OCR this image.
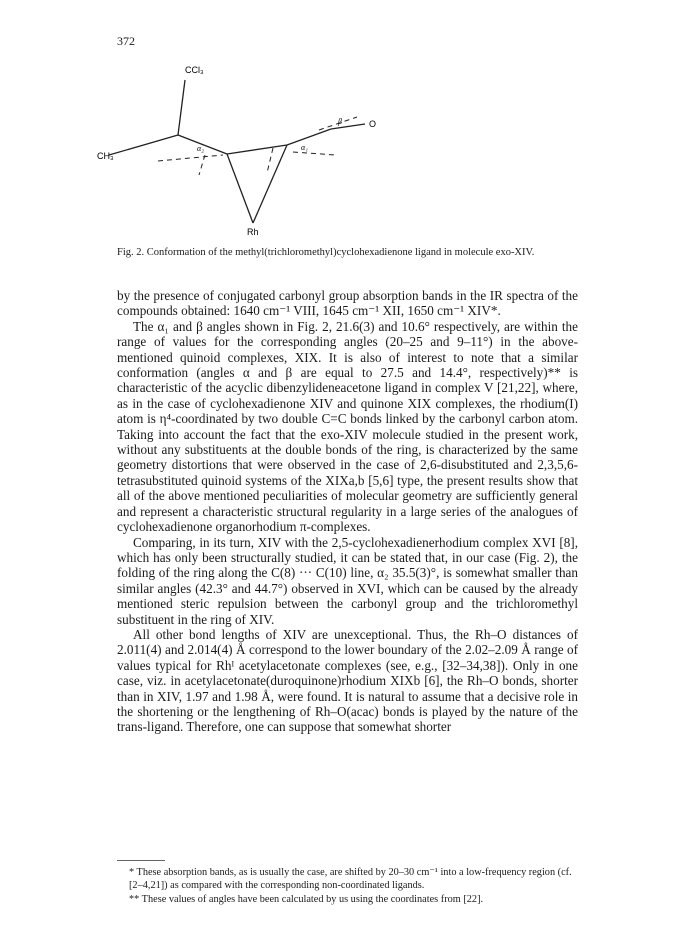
372
CCl₃
CH₃
O
Rh
α₁
α₂
β
Fig. 2. Conformation of the methyl(trichloromethyl)cyclohexadienone ligand in molecule exo-XIV.

by the presence of conjugated carbonyl group absorption bands in the IR spectra of the compounds obtained: 1640 cm⁻¹ VIII, 1645 cm⁻¹ XII, 1650 cm⁻¹ XIV*.

The α₁ and β angles shown in Fig. 2, 21.6(3) and 10.6° respectively, are within the range of values for the corresponding angles (20–25 and 9–11°) in the above-mentioned quinoid complexes, XIX. It is also of interest to note that a similar conformation (angles α and β are equal to 27.5 and 14.4°, respectively)** is characteristic of the acyclic dibenzylideneacetone ligand in complex V [21,22], where, as in the case of cyclohexadienone XIV and quinone XIX complexes, the rhodium(I) atom is η⁴-coordinated by two double C=C bonds linked by the carbonyl carbon atom. Taking into account the fact that the exo-XIV molecule studied in the present work, without any substituents at the double bonds of the ring, is characterized by the same geometry distortions that were observed in the case of 2,6-disubstituted and 2,3,5,6-tetrasubstituted quinoid systems of the XIXa,b [5,6] type, the present results show that all of the above mentioned peculiarities of molecular geometry are sufficiently general and represent a characteristic structural regularity in a large series of the analogues of cyclohexadienone organorhodium π-complexes.

Comparing, in its turn, XIV with the 2,5-cyclohexadienerhodium complex XVI [8], which has only been structurally studied, it can be stated that, in our case (Fig. 2), the folding of the ring along the C(8) ··· C(10) line, α₂ 35.5(3)°, is somewhat smaller than similar angles (42.3° and 44.7°) observed in XVI, which can be caused by the already mentioned steric repulsion between the carbonyl group and the trichloromethyl substituent in the ring of XIV.

All other bond lengths of XIV are unexceptional. Thus, the Rh–O distances of 2.011(4) and 2.014(4) Å correspond to the lower boundary of the 2.02–2.09 Å range of values typical for Rhᴵ acetylacetonate complexes (see, e.g., [32–34,38]). Only in one case, viz. in acetylacetonate(duroquinone)rhodium XIXb [6], the Rh–O bonds, shorter than in XIV, 1.97 and 1.98 Å, were found. It is natural to assume that a decisive role in the shortening or the lengthening of Rh–O(acac) bonds is played by the nature of the trans-ligand. Therefore, one can suppose that somewhat shorter

* These absorption bands, as is usually the case, are shifted by 20–30 cm⁻¹ into a low-frequency region (cf. [2–4,21]) as compared with the corresponding non-coordinated ligands.

** These values of angles have been calculated by us using the coordinates from [22].
